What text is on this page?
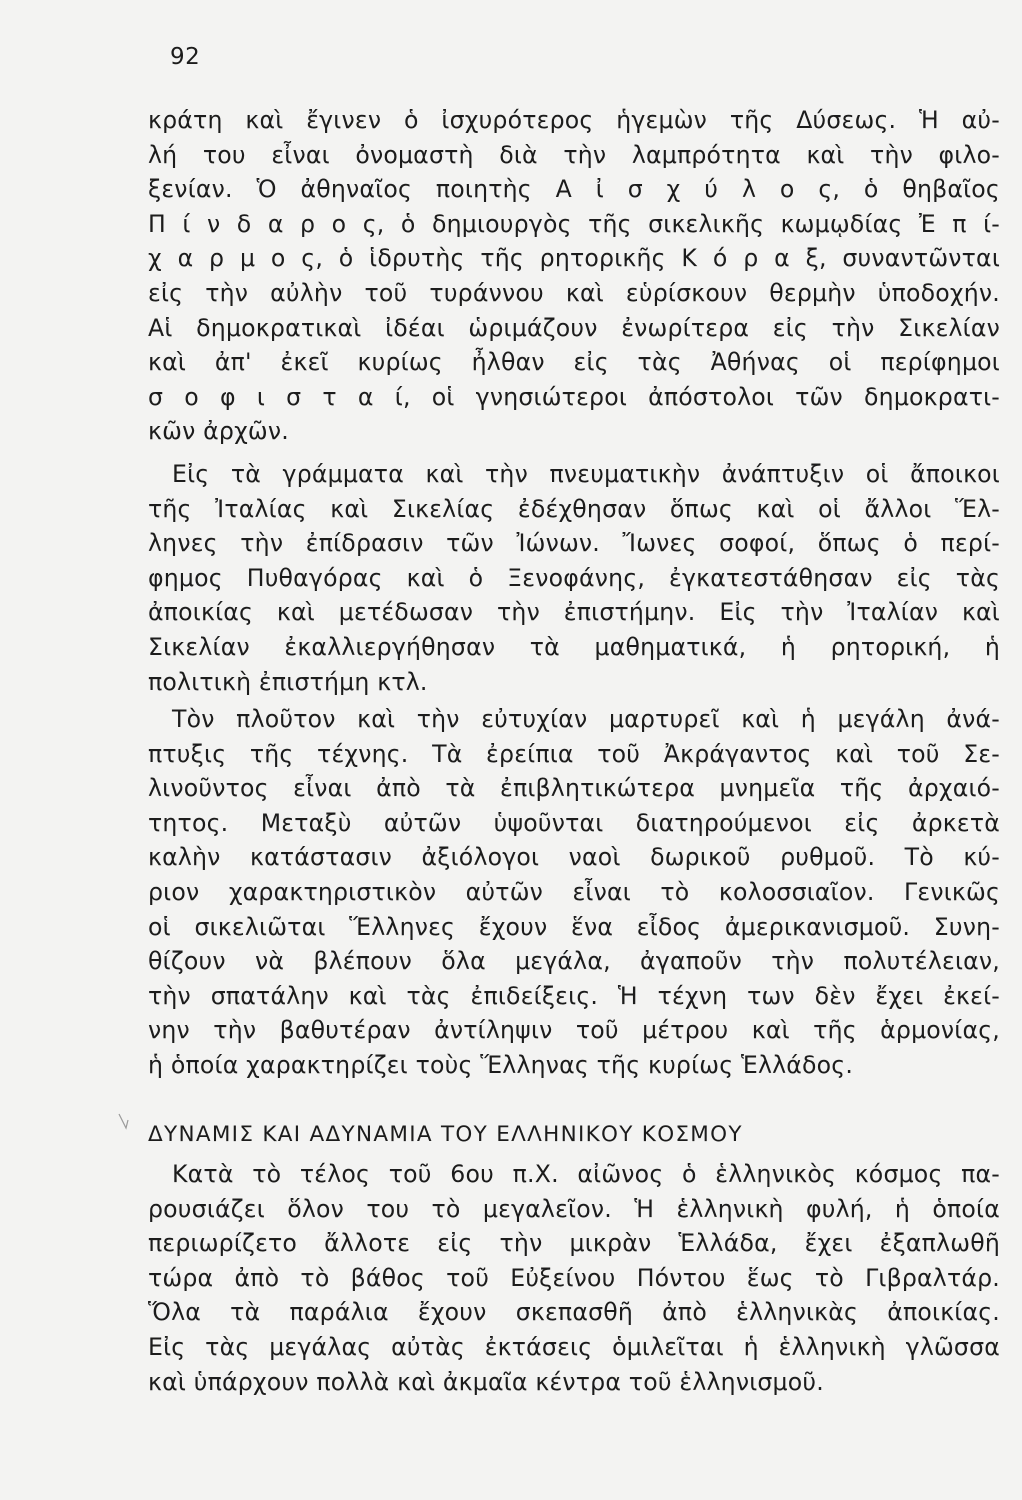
92
κράτη καὶ ἔγινεν ὁ ἰσχυρότερος ἡγεμὼν τῆς Δύσεως. Ἡ αὐ-
λή του εἶναι ὀνομαστὴ διὰ τὴν λαμπρότητα καὶ τὴν φιλο-
ξενίαν. Ὁ ἀθηναῖος ποιητὴς Α ἰ σ χ ύ λ ο ς, ὁ θηβαῖος
Π ί ν δ α ρ ο ς, ὁ δημιουργὸς τῆς σικελικῆς κωμῳδίας Ἐ π ί-
χ α ρ μ ο ς, ὁ ἱδρυτὴς τῆς ρητορικῆς Κ ό ρ α ξ, συναντῶνται
εἰς τὴν αὐλὴν τοῦ τυράννου καὶ εὑρίσκουν θερμὴν ὑποδοχήν.
Αἱ δημοκρατικαὶ ἰδέαι ὡριμάζουν ἐνωρίτερα εἰς τὴν Σικελίαν
καὶ ἀπ' ἐκεῖ κυρίως ἦλθαν εἰς τὰς Ἀθήνας οἱ περίφημοι
σ ο φ ι σ τ α ί, οἱ γνησιώτεροι ἀπόστολοι τῶν δημοκρατι-
κῶν ἀρχῶν.
Εἰς τὰ γράμματα καὶ τὴν πνευματικὴν ἀνάπτυξιν οἱ ἄποικοι
τῆς Ἰταλίας καὶ Σικελίας ἐδέχθησαν ὅπως καὶ οἱ ἄλλοι Ἕλ-
ληνες τὴν ἐπίδρασιν τῶν Ἰώνων. Ἴωνες σοφοί, ὅπως ὁ περί-
φημος Πυθαγόρας καὶ ὁ Ξενοφάνης, ἐγκατεστάθησαν εἰς τὰς
ἀποικίας καὶ μετέδωσαν τὴν ἐπιστήμην. Εἰς τὴν Ἰταλίαν καὶ
Σικελίαν ἐκαλλιεργήθησαν τὰ μαθηματικά, ἡ ρητορική, ἡ
πολιτικὴ ἐπιστήμη κτλ.
Τὸν πλοῦτον καὶ τὴν εὐτυχίαν μαρτυρεῖ καὶ ἡ μεγάλη ἀνά-
πτυξις τῆς τέχνης. Τὰ ἐρείπια τοῦ Ἀκράγαντος καὶ τοῦ Σε-
λινοῦντος εἶναι ἀπὸ τὰ ἐπιβλητικώτερα μνημεῖα τῆς ἀρχαιό-
τητος. Μεταξὺ αὐτῶν ὑψοῦνται διατηρούμενοι εἰς ἀρκετὰ
καλὴν κατάστασιν ἀξιόλογοι ναοὶ δωρικοῦ ρυθμοῦ. Τὸ κύ-
ριον χαρακτηριστικὸν αὐτῶν εἶναι τὸ κολοσσιαῖον. Γενικῶς
οἱ σικελιῶται Ἕλληνες ἔχουν ἕνα εἶδος ἀμερικανισμοῦ. Συνη-
θίζουν νὰ βλέπουν ὅλα μεγάλα, ἀγαποῦν τὴν πολυτέλειαν,
τὴν σπατάλην καὶ τὰς ἐπιδείξεις. Ἡ τέχνη των δὲν ἔχει ἐκεί-
νην τὴν βαθυτέραν ἀντίληψιν τοῦ μέτρου καὶ τῆς ἁρμονίας,
ἡ ὁποία χαρακτηρίζει τοὺς Ἕλληνας τῆς κυρίως Ἑλλάδος.
ΔΥΝΑΜΙΣ ΚΑΙ ΑΔΥΝΑΜΙΑ ΤΟΥ ΕΛΛΗΝΙΚΟΥ ΚΟΣΜΟΥ
Κατὰ τὸ τέλος τοῦ 6ου π.Χ. αἰῶνος ὁ ἑλληνικὸς κόσμος πα-
ρουσιάζει ὅλον του τὸ μεγαλεῖον. Ἡ ἑλληνικὴ φυλή, ἡ ὁποία
περιωρίζετο ἄλλοτε εἰς τὴν μικρὰν Ἑλλάδα, ἔχει ἐξαπλωθῆ
τώρα ἀπὸ τὸ βάθος τοῦ Εὐξείνου Πόντου ἕως τὸ Γιβραλτάρ.
Ὅλα τὰ παράλια ἔχουν σκεπασθῆ ἀπὸ ἑλληνικὰς ἀποικίας.
Εἰς τὰς μεγάλας αὐτὰς ἐκτάσεις ὁμιλεῖται ἡ ἑλληνικὴ γλῶσσα
καὶ ὑπάρχουν πολλὰ καὶ ἀκμαῖα κέντρα τοῦ ἑλληνισμοῦ.
